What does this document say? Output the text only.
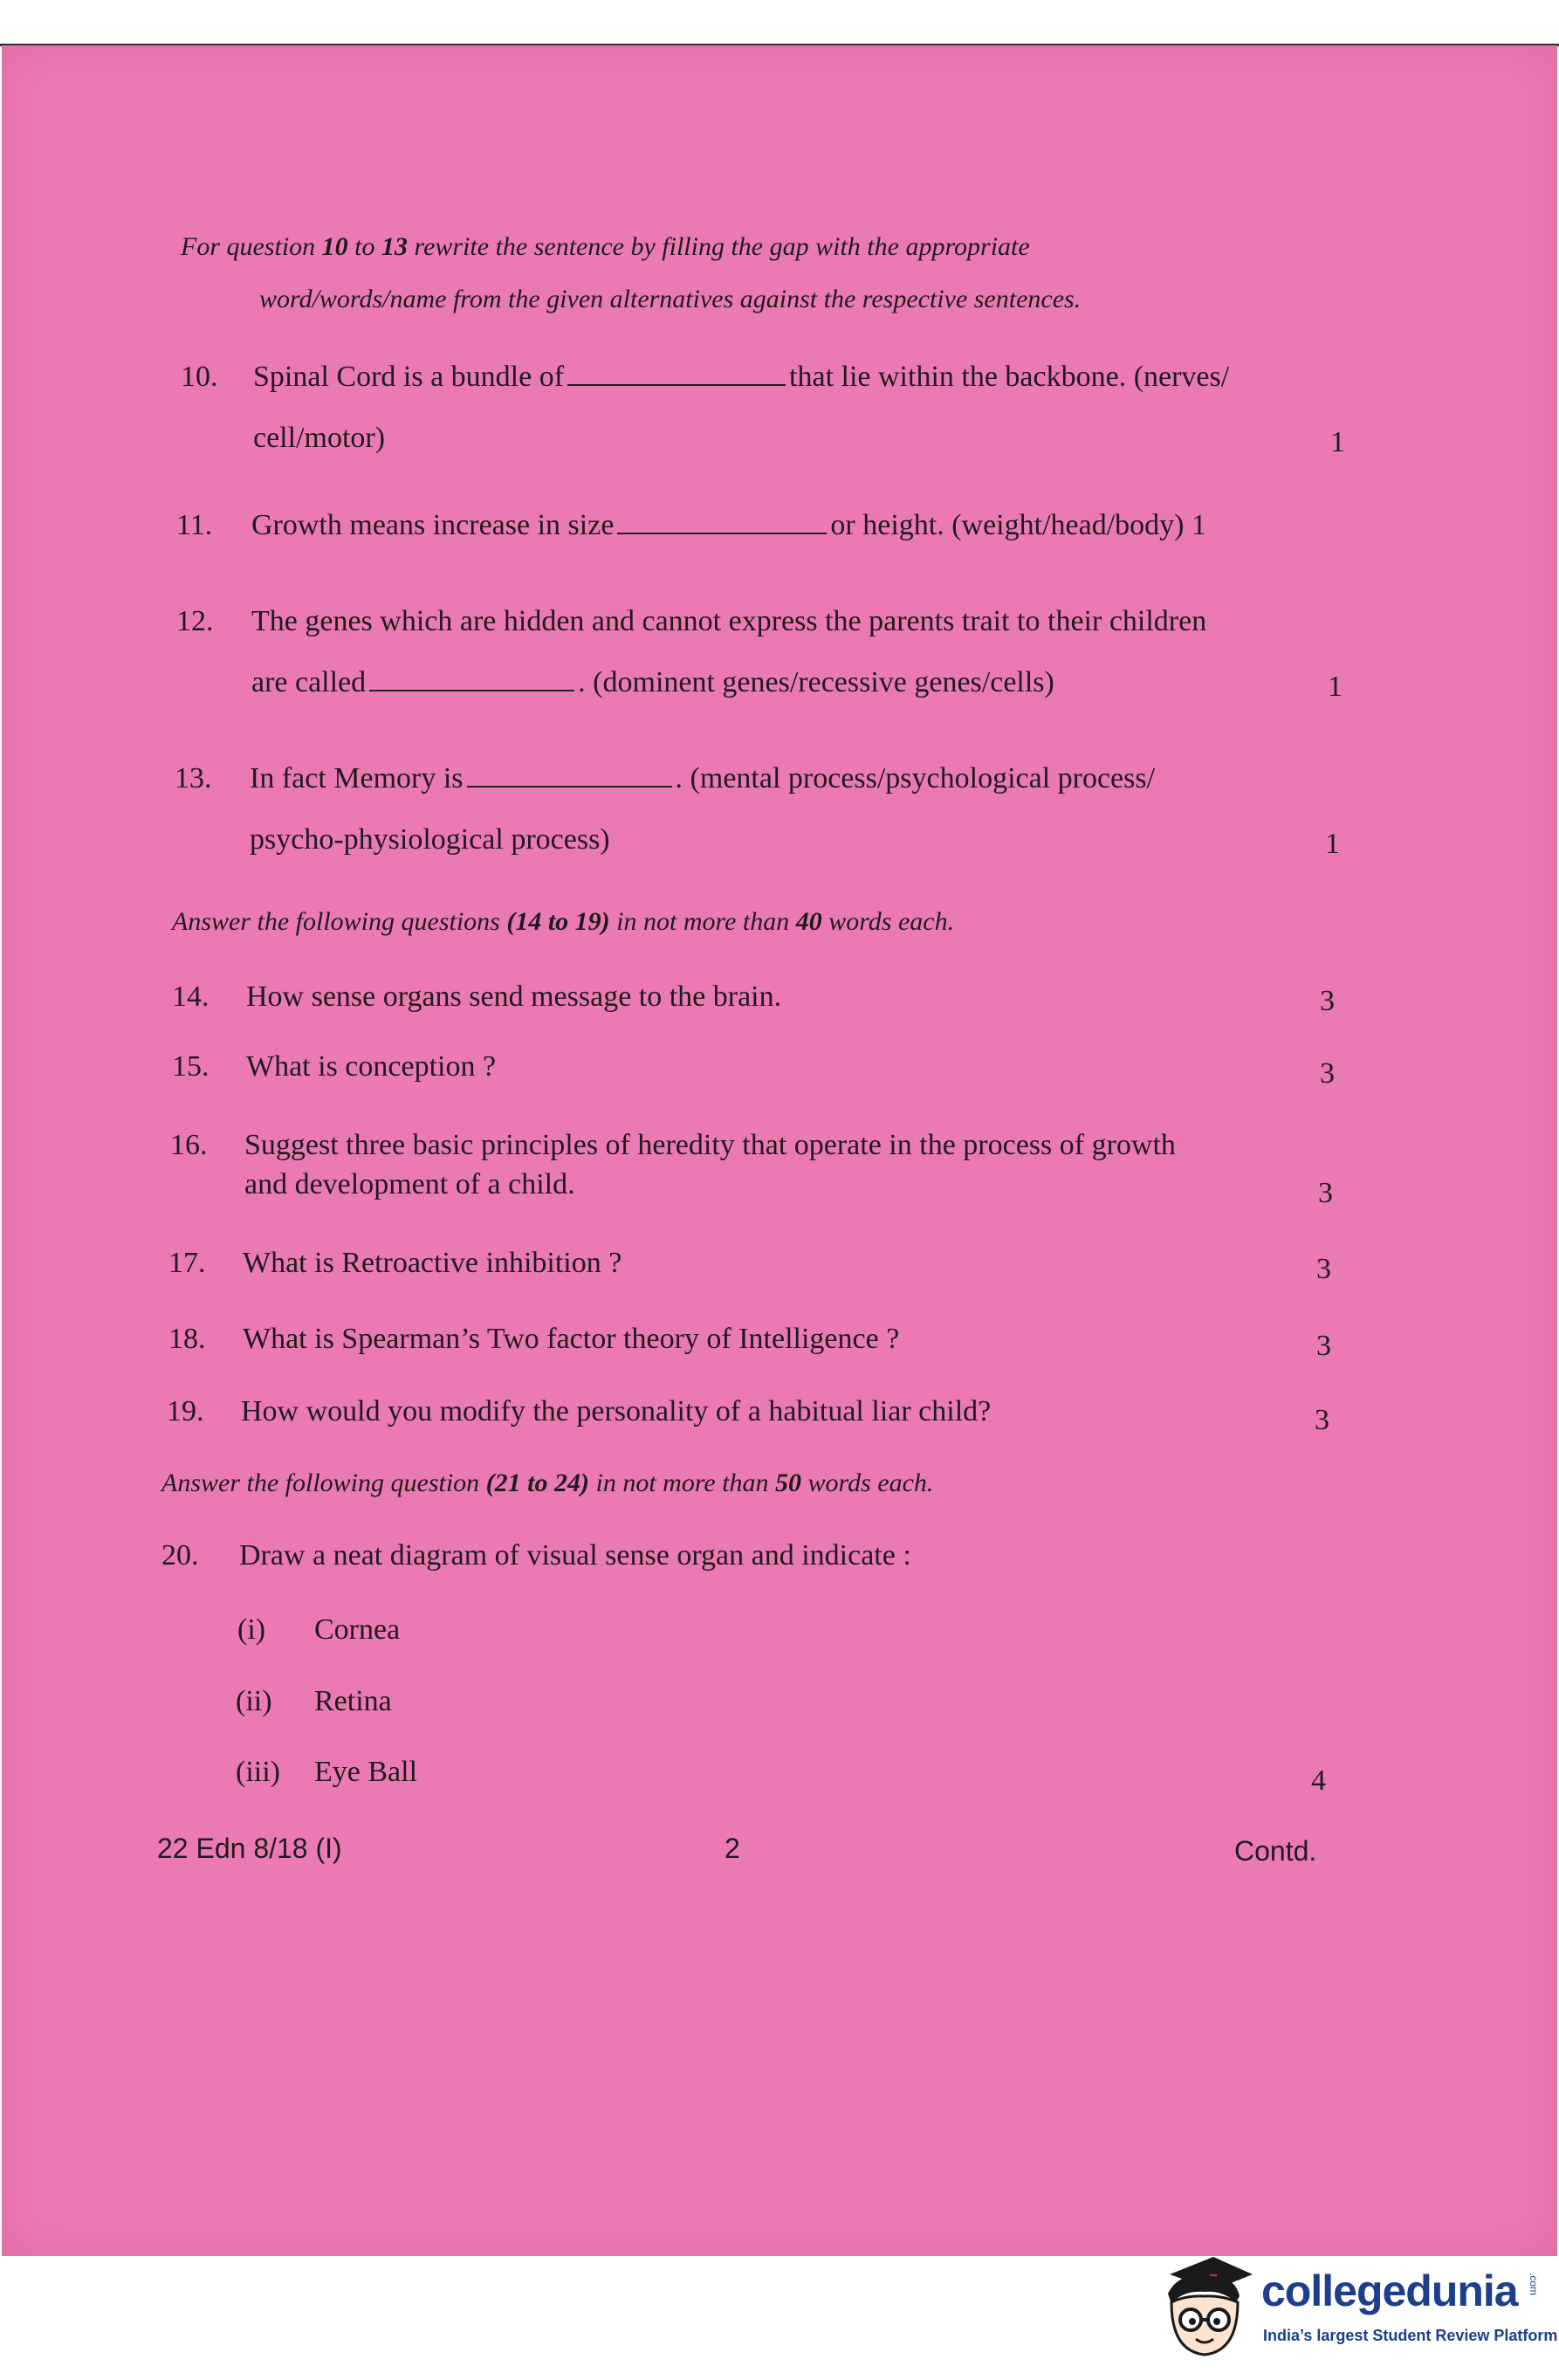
For question 10 to 13 rewrite the sentence by filling the gap with the appropriate
word/words/name from the given alternatives against the respective sentences.
10. Spinal Cord is a bundle of	that lie within the backbone. (nerves/
cell/motor)	1
11. Growth means increase in size	or height. (weight/head/body) 1
12. The genes which are hidden and cannot express the parents trait to their children
are called	. (dominent genes/recessive genes/cells)	1
13. In fact Memory is	. (mental process/psychological process/
psycho-physiological process)	1
Answer the following questions (14 to 19) in not more than 40 words each.
14. How sense organs send message to the brain.	3
15. What is conception ?	3
16. Suggest three basic principles of heredity that operate in the process of growth
and development of a child.	3
17. What is Retroactive inhibition ?	3
18. What is Spearman’s Two factor theory of Intelligence ?	3
19. How would you modify the personality of a habitual liar child?	3
Answer the following question (21 to 24) in not more than 50 words each.
20. Draw a neat diagram of visual sense organ and indicate :
(i) Cornea
(ii) Retina
(iii) Eye Ball	4
22 Edn 8/18 (I)	2	Contd.
collegedunia .com
India’s largest Student Review Platform
